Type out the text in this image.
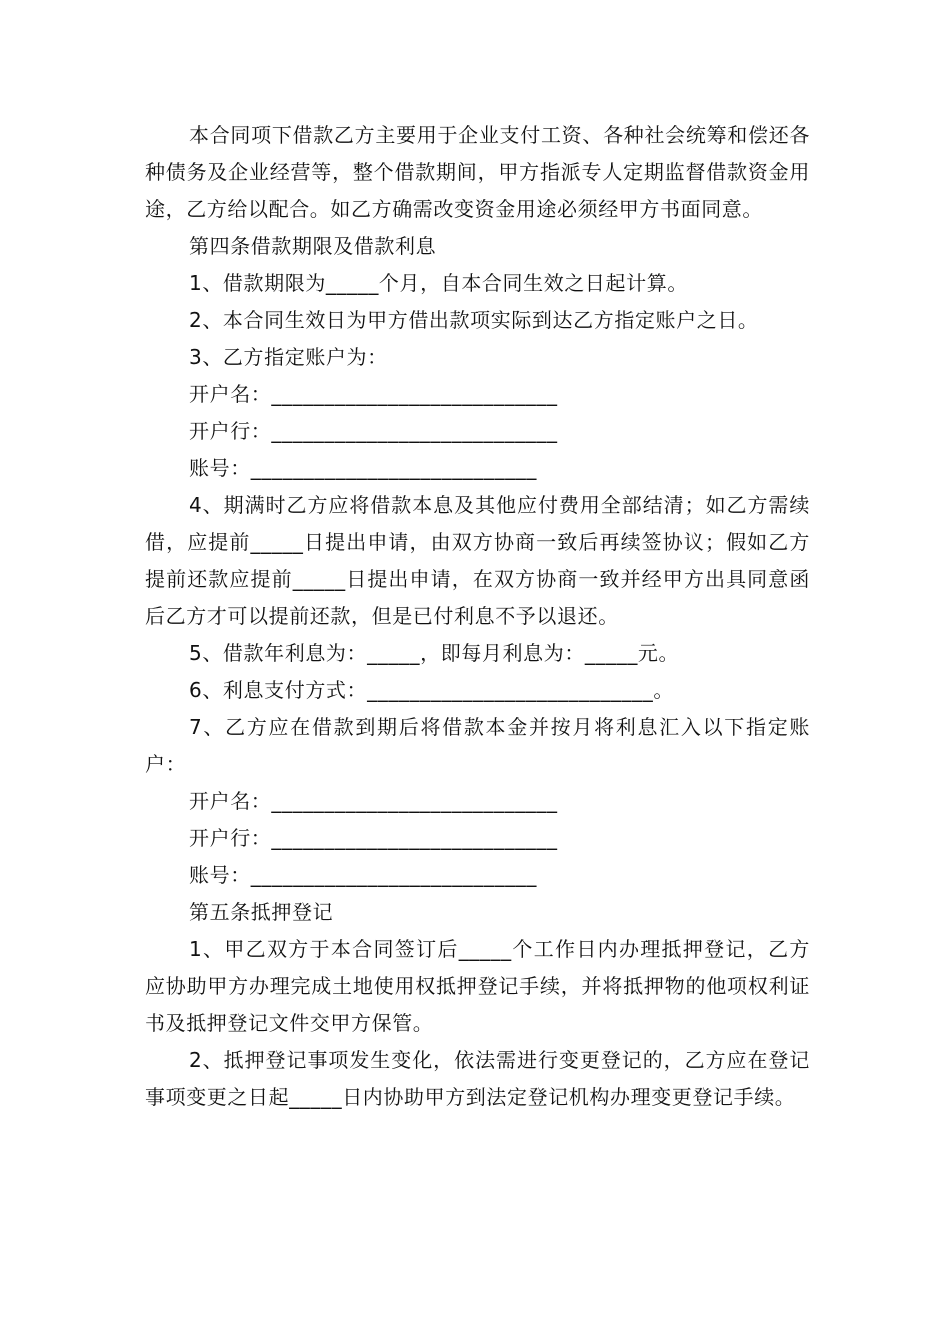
本合同项下借款乙方主要用于企业支付工资、各种社会统筹和偿还各种债务及企业经营等，整个借款期间，甲方指派专人定期监督借款资金用途，乙方给以配合。如乙方确需改变资金用途必须经甲方书面同意。

第四条借款期限及借款利息

1、借款期限为_____个月，自本合同生效之日起计算。

2、本合同生效日为甲方借出款项实际到达乙方指定账户之日。

3、乙方指定账户为：

开户名：___________________________

开户行：___________________________

账号：___________________________

4、期满时乙方应将借款本息及其他应付费用全部结清；如乙方需续借，应提前_____日提出申请，由双方协商一致后再续签协议；假如乙方提前还款应提前_____日提出申请，在双方协商一致并经甲方出具同意函后乙方才可以提前还款，但是已付利息不予以退还。

5、借款年利息为：_____，即每月利息为：_____元。

6、利息支付方式：___________________________。

7、乙方应在借款到期后将借款本金并按月将利息汇入以下指定账户：

开户名：___________________________

开户行：___________________________

账号：___________________________

第五条抵押登记

1、甲乙双方于本合同签订后_____个工作日内办理抵押登记，乙方应协助甲方办理完成土地使用权抵押登记手续，并将抵押物的他项权利证书及抵押登记文件交甲方保管。

2、抵押登记事项发生变化，依法需进行变更登记的，乙方应在登记事项变更之日起_____日内协助甲方到法定登记机构办理变更登记手续。
